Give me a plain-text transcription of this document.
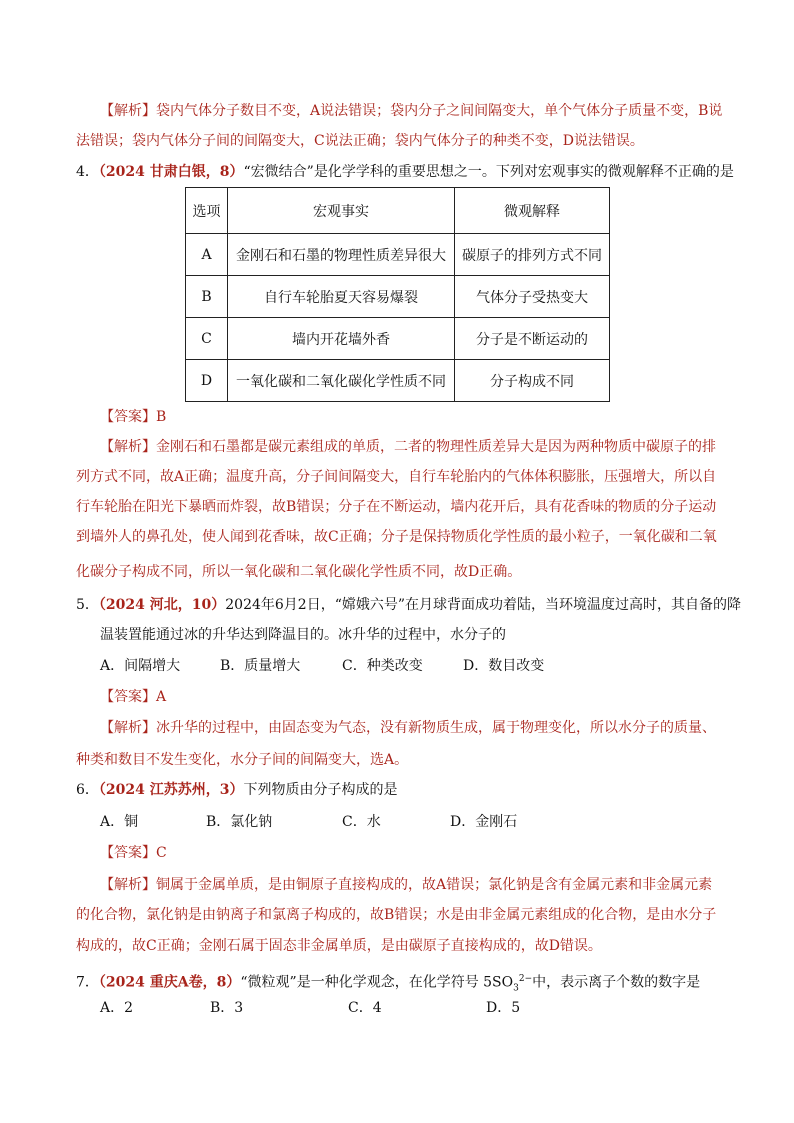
【解析】袋内气体分子数目不变，A说法错误；袋内分子之间间隔变大，单个气体分子质量不变，B说
法错误；袋内气体分子间的间隔变大，C说法正确；袋内气体分子的种类不变，D说法错误。
4．（2024 甘肃白银，8）“宏微结合”是化学学科的重要思想之一。下列对宏观事实的微观解释不正确的是
选项	宏观事实	微观解释
A	金刚石和石墨的物理性质差异很大	碳原子的排列方式不同
B	自行车轮胎夏天容易爆裂	气体分子受热变大
C	墙内开花墙外香	分子是不断运动的
D	一氧化碳和二氧化碳化学性质不同	分子构成不同
【答案】B
【解析】金刚石和石墨都是碳元素组成的单质，二者的物理性质差异大是因为两种物质中碳原子的排
列方式不同，故A正确；温度升高，分子间间隔变大，自行车轮胎内的气体体积膨胀，压强增大，所以自
行车轮胎在阳光下暴晒而炸裂，故B错误；分子在不断运动，墙内花开后，具有花香味的物质的分子运动
到墙外人的鼻孔处，使人闻到花香味，故C正确；分子是保持物质化学性质的最小粒子，一氧化碳和二氧
化碳分子构成不同，所以一氧化碳和二氧化碳化学性质不同，故D正确。
5．（2024 河北，10）2024年6月2日，“嫦娥六号”在月球背面成功着陆，当环境温度过高时，其自备的降
温装置能通过冰的升华达到降温目的。冰升华的过程中，水分子的
A．间隔增大	B．质量增大	C．种类改变	D．数目改变
【答案】A
【解析】冰升华的过程中，由固态变为气态，没有新物质生成，属于物理变化，所以水分子的质量、
种类和数目不发生变化，水分子间的间隔变大，选A。
6．（2024 江苏苏州，3）下列物质由分子构成的是
A．铜	B．氯化钠	C．水	D．金刚石
【答案】C
【解析】铜属于金属单质，是由铜原子直接构成的，故A错误；氯化钠是含有金属元素和非金属元素
的化合物，氯化钠是由钠离子和氯离子构成的，故B错误；水是由非金属元素组成的化合物，是由水分子
构成的，故C正确；金刚石属于固态非金属单质，是由碳原子直接构成的，故D错误。
7．（2024 重庆A卷，8）“微粒观”是一种化学观念，在化学符号 $5SO_3^{2-}$中，表示离子个数的数字是
A．2	B．3	C．4	D．5
